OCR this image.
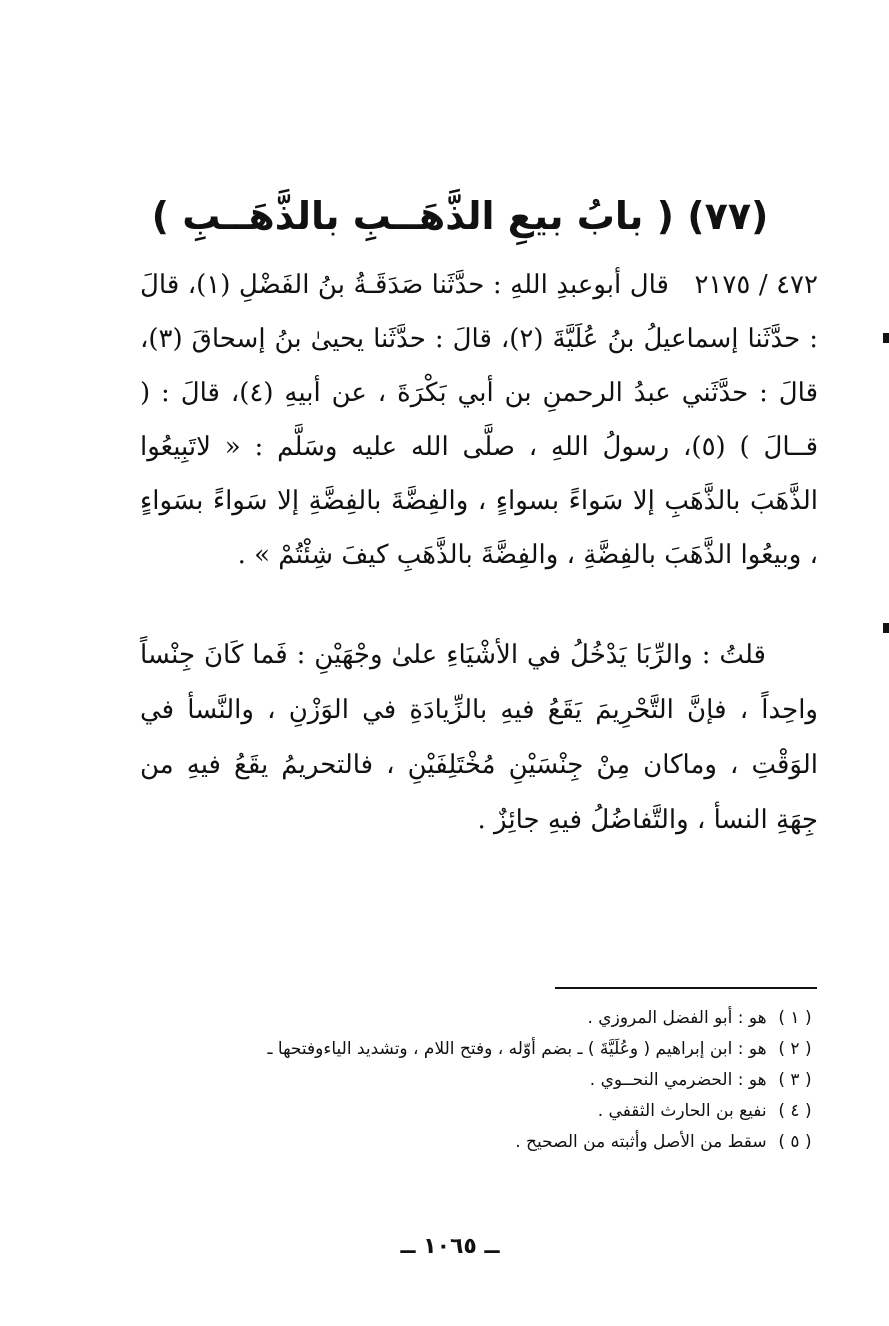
(٧٧) ( بابُ بيعِ الذَّهَــبِ بالذَّهَــبِ )

٤٧٢ / ٢١٧٥   قال أبوعبدِ اللهِ : حدَّثَنا صَدَقَـةُ بنُ الفَضْلِ (١)، قالَ : حدَّثَنا إسماعيلُ بنُ عُلَيَّةَ (٢)، قالَ : حدَّثَنا يحيىٰ بنُ إسحاقَ (٣)، قالَ : حدَّثَني عبدُ الرحمنِ بن أبي بَكْرَةَ ، عن أبيهِ (٤)، قالَ : ( قــالَ ) (٥)، رسولُ اللهِ ، صلَّى الله عليه وسَلَّم : « لاتَبِيعُوا الذَّهَبَ بالذَّهَبِ إلا سَواءً بسواءٍ ، والفِضَّةَ بالفِضَّةِ إلا سَواءً بسَواءٍ ، وبيعُوا الذَّهَبَ بالفِضَّةِ ، والفِضَّةَ بالذَّهَبِ كيفَ شِئْتُمْ » .

قلتُ : والرِّبَا يَدْخُلُ في الأشْيَاءِ علىٰ وجْهَيْنِ : فَما كَانَ جِنْساً واحِداً ، فإنَّ التَّحْرِيمَ يَقَعُ فيهِ بالزِّيادَةِ في الوَزْنِ ، والنَّسأ في الوَقْتِ ، وماكان مِنْ جِنْسَيْنِ مُخْتَلِفَيْنِ ، فالتحريمُ يقَعُ فيهِ من جِهَةِ النسأ ، والتَّفاضُلُ فيهِ جائِزٌ .

( ١ ) هو : أبو الفضل المروزي .
( ٢ ) هو : ابن إبراهيم ( وعُلَيَّةَ ) ـ بضم أوّله ، وفتح اللام ، وتشديد الياءوفتحها ـ
( ٣ ) هو : الحضرمي النحــوي .
( ٤ ) نفيع بن الحارث الثقفي .
( ٥ ) سقط من الأصل وأثبته من الصحيح .
ــ ١٠٦٥ ــ
